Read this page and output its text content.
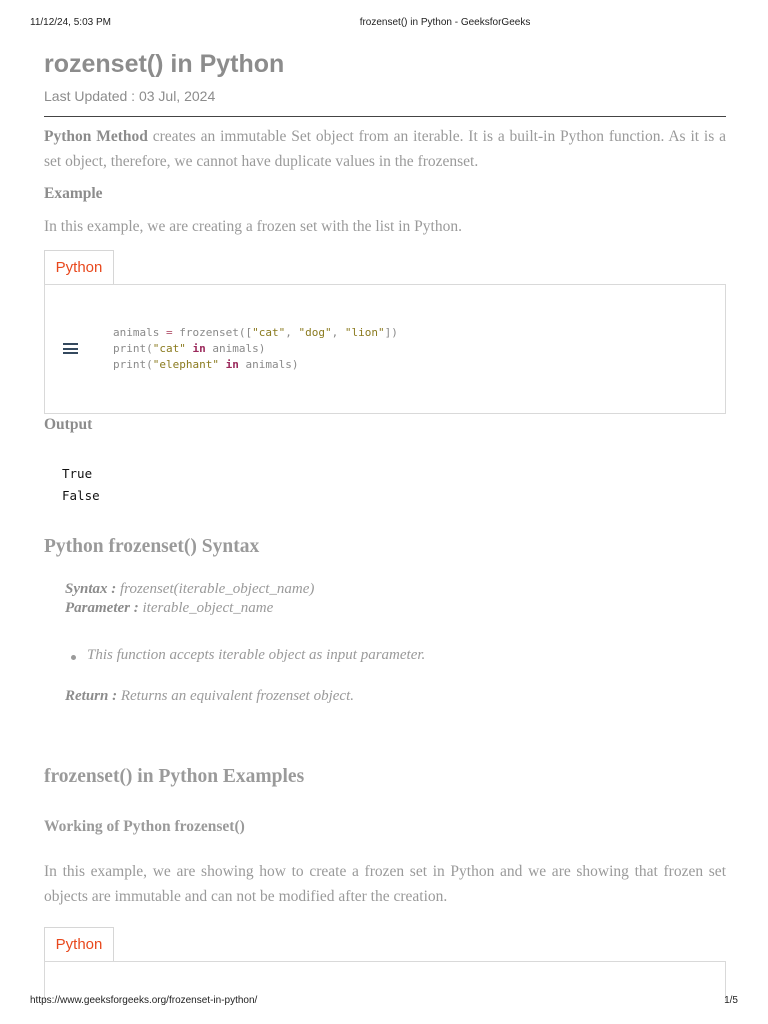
11/12/24, 5:03 PM	frozenset() in Python - GeeksforGeeks
rozenset() in Python
Last Updated : 03 Jul, 2024

Python Method creates an immutable Set object from an iterable. It is a built-in Python function. As it is a set object, therefore, we cannot have duplicate values in the frozenset.

Example

In this example, we are creating a frozen set with the list in Python.

Python
animals = frozenset(["cat", "dog", "lion"])
print("cat" in animals)
print("elephant" in animals)
Output
True
False
Python frozenset() Syntax
Syntax : frozenset(iterable_object_name)
Parameter : iterable_object_name
This function accepts iterable object as input parameter.
Return : Returns an equivalent frozenset object.
frozenset() in Python Examples
Working of Python frozenset()

In this example, we are showing how to create a frozen set in Python and we are showing that frozen set objects are immutable and can not be modified after the creation.

Python
https://www.geeksforgeeks.org/frozenset-in-python/	1/5
